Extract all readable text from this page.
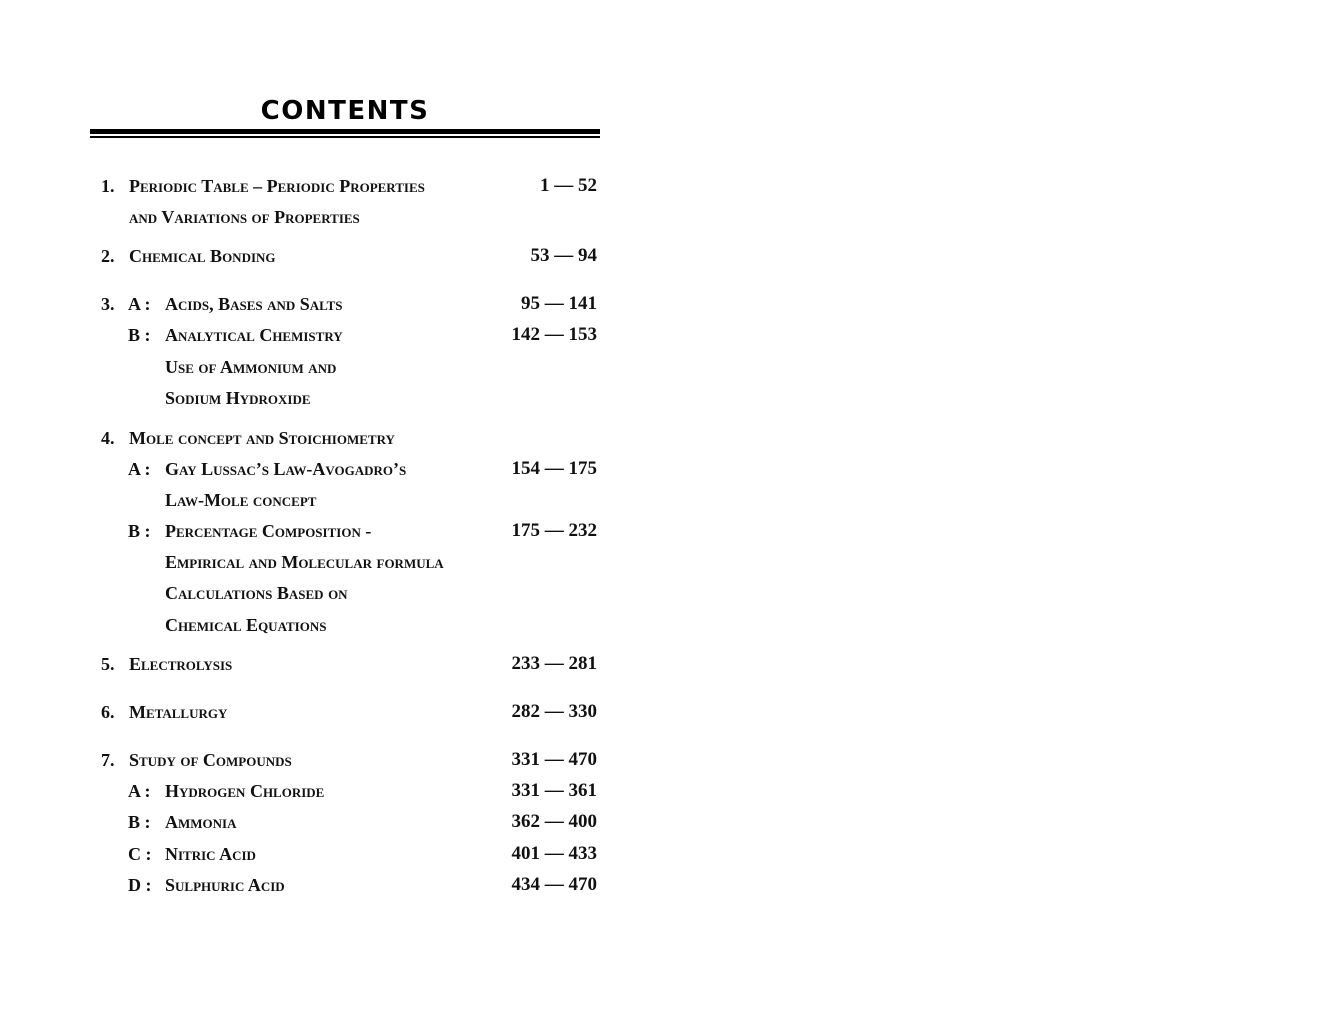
CONTENTS
1. Periodic Table – Periodic Properties	1 — 52
and Variations of Properties
2. Chemical Bonding	53 — 94
3. A : Acids, Bases and Salts	95 — 141
B : Analytical Chemistry	142 — 153
Use of Ammonium and
Sodium Hydroxide
4. Mole concept and Stoichiometry
A : Gay Lussac’s Law-Avogadro’s	154 — 175
Law-Mole concept
B : Percentage Composition -	175 — 232
Empirical and Molecular formula
Calculations Based on
Chemical Equations
5. Electrolysis	233 — 281
6. Metallurgy	282 — 330
7. Study of Compounds	331 — 470
A : Hydrogen Chloride	331 — 361
B : Ammonia	362 — 400
C : Nitric Acid	401 — 433
D : Sulphuric Acid	434 — 470
